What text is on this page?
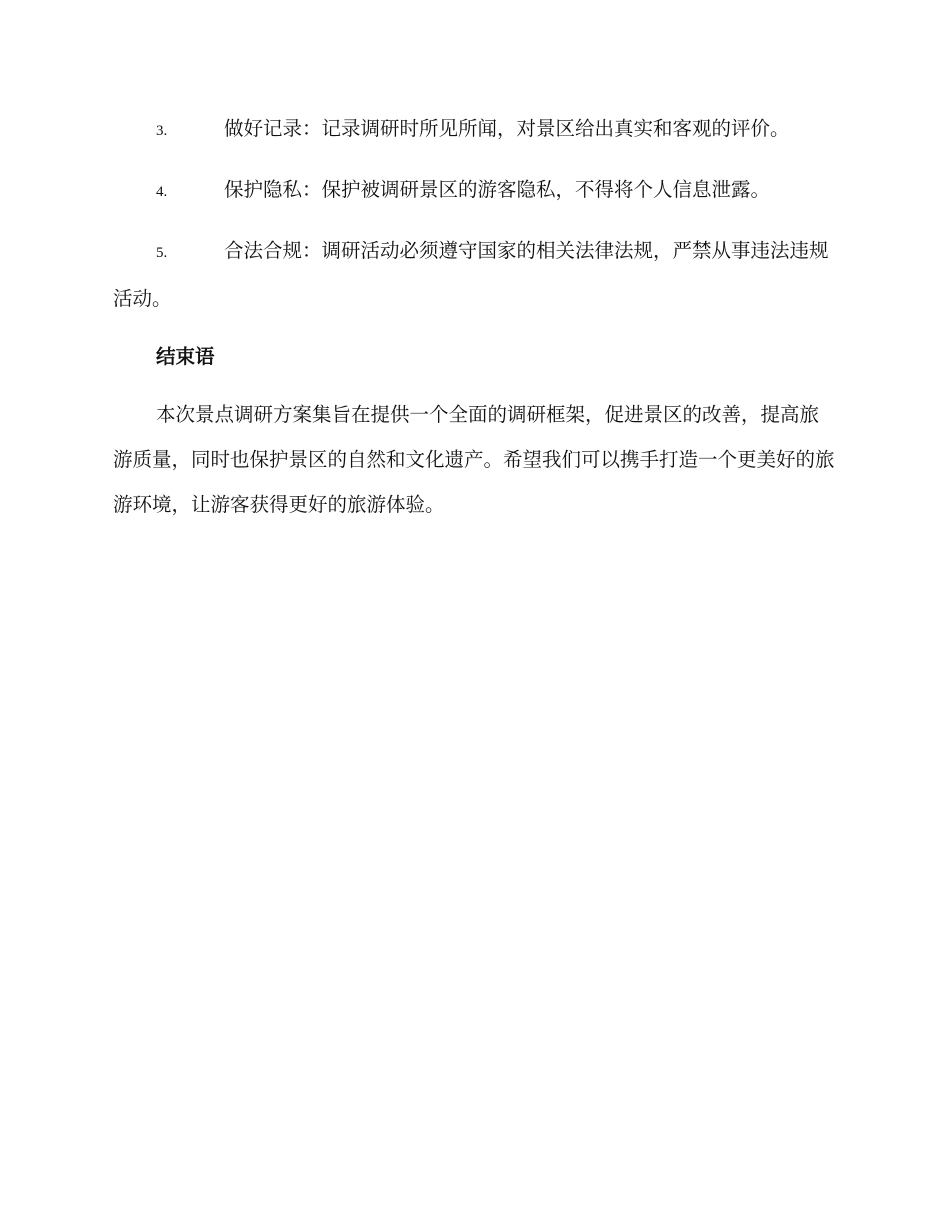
3.	做好记录：记录调研时所见所闻，对景区给出真实和客观的评价。

4.	保护隐私：保护被调研景区的游客隐私，不得将个人信息泄露。

5.	合法合规：调研活动必须遵守国家的相关法律法规，严禁从事违法违规活动。

结束语

本次景点调研方案集旨在提供一个全面的调研框架，促进景区的改善，提高旅游质量，同时也保护景区的自然和文化遗产。希望我们可以携手打造一个更美好的旅游环境，让游客获得更好的旅游体验。
